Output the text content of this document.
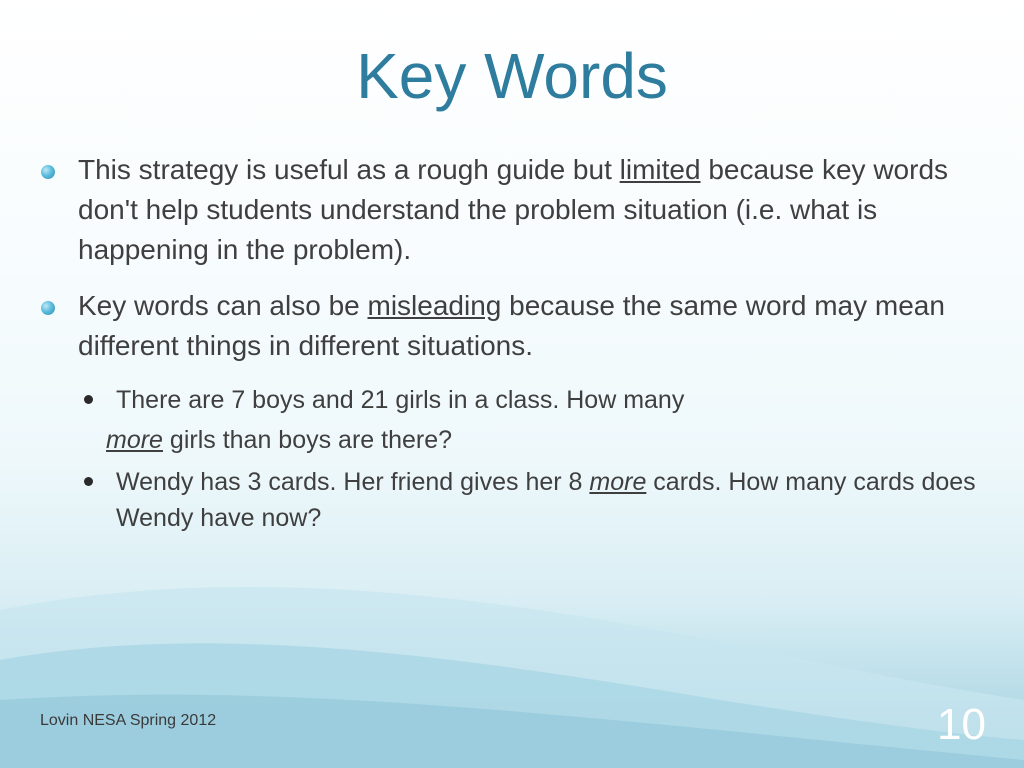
Key Words
This strategy is useful as a rough guide but limited because key words don't help students understand the problem situation (i.e. what is happening in the problem).
Key words can also be misleading because the same word may mean different things in different situations.
There are 7 boys and 21 girls in a class. How many
more girls than boys are there?
Wendy has 3 cards. Her friend gives her 8 more cards. How many cards does Wendy have now?
Lovin NESA Spring 2012	10
